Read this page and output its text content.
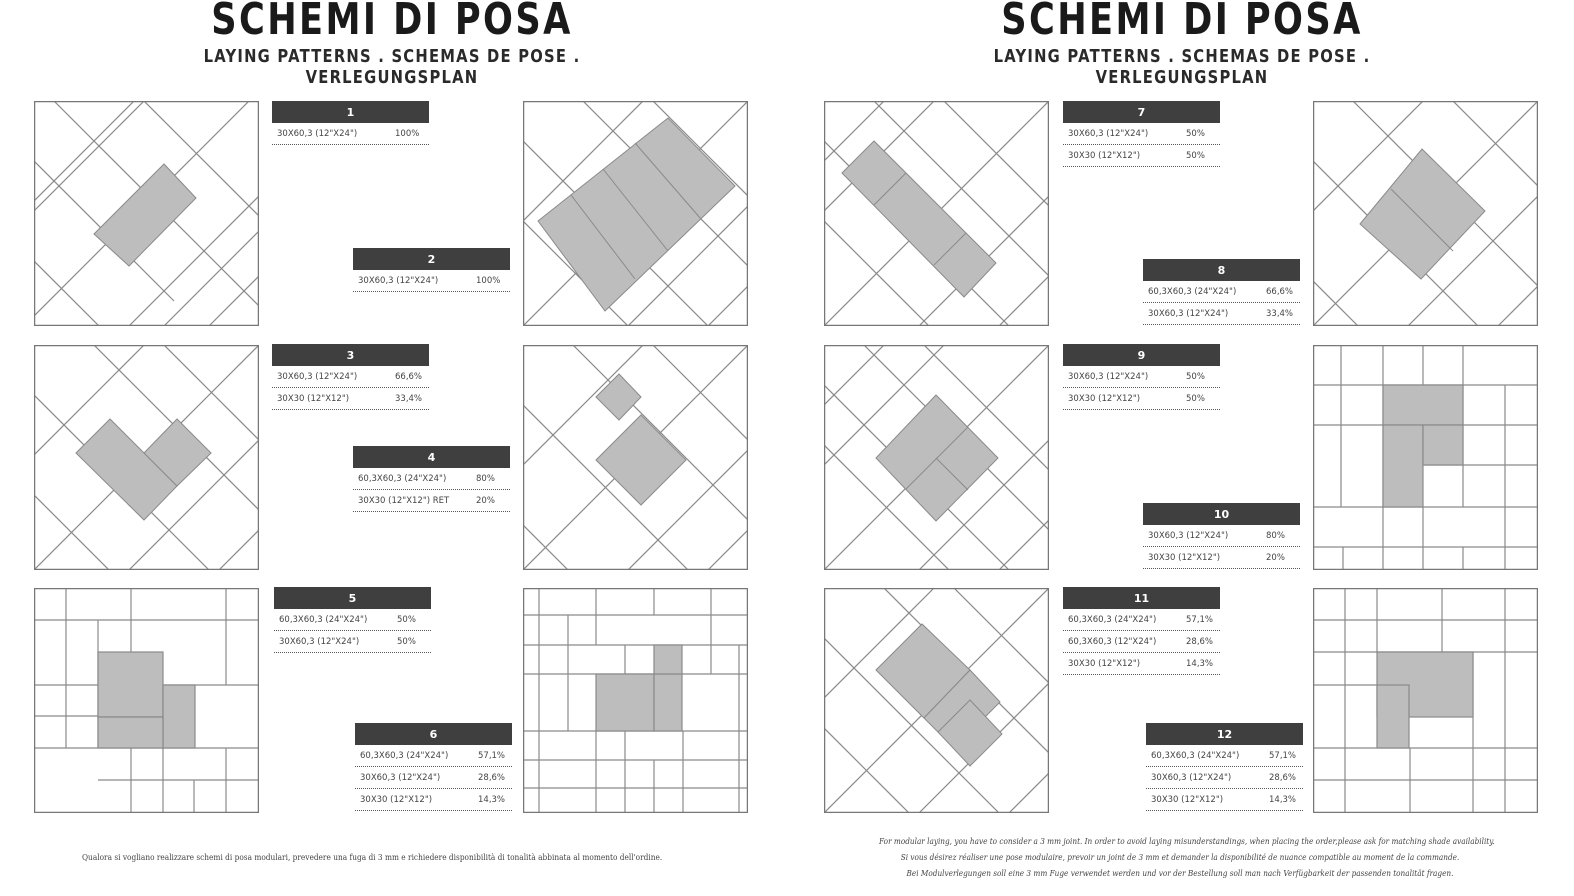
SCHEMI DI POSA
LAYING PATTERNS . SCHEMAS DE POSE . VERLEGUNGSPLAN
SCHEMI DI POSA
LAYING PATTERNS . SCHEMAS DE POSE . VERLEGUNGSPLAN
1
30X60,3 (12"X24")	100%
2
30X60,3 (12"X24")	100%
3
30X60,3 (12"X24")	66,6%
30X30 (12"X12")	33,4%
4
60,3X60,3 (24"X24")	80%
30X30 (12"X12") RET	20%
5
60,3X60,3 (24"X24")	50%
30X60,3 (12"X24")	50%
6
60,3X60,3 (24"X24")	57,1%
30X60,3 (12"X24")	28,6%
30X30 (12"X12")	14,3%
7
30X60,3 (12"X24")	50%
30X30 (12"X12")	50%
8
60,3X60,3 (24"X24")	66,6%
30X60,3 (12"X24")	33,4%
9
30X60,3 (12"X24")	50%
30X30 (12"X12")	50%
10
30X60,3 (12"X24")	80%
30X30 (12"X12")	20%
11
60,3X60,3 (24"X24")	57,1%
60,3X60,3 (12"X24")	28,6%
30X30 (12"X12")	14,3%
12
60,3X60,3 (24"X24")	57,1%
30X60,3 (12"X24")	28,6%
30X30 (12"X12")	14,3%
Qualora si vogliano realizzare schemi di posa modulari, prevedere una fuga di 3 mm e richiedere disponibilità di tonalità abbinata al momento dell'ordine.
For modular laying, you have to consider a 3 mm joint. In order to avoid laying misunderstandings, when placing the order,please ask for matching shade availability.
Si vous désirez réaliser une pose modulaire, prevoir un joint de 3 mm et demander la disponibilité de nuance compatible au moment de la commande.
Bei Modulverlegungen soll eine 3 mm Fuge verwendet werden und vor der Bestellung soll man nach Verfügbarkeit der passenden tonalität fragen.
